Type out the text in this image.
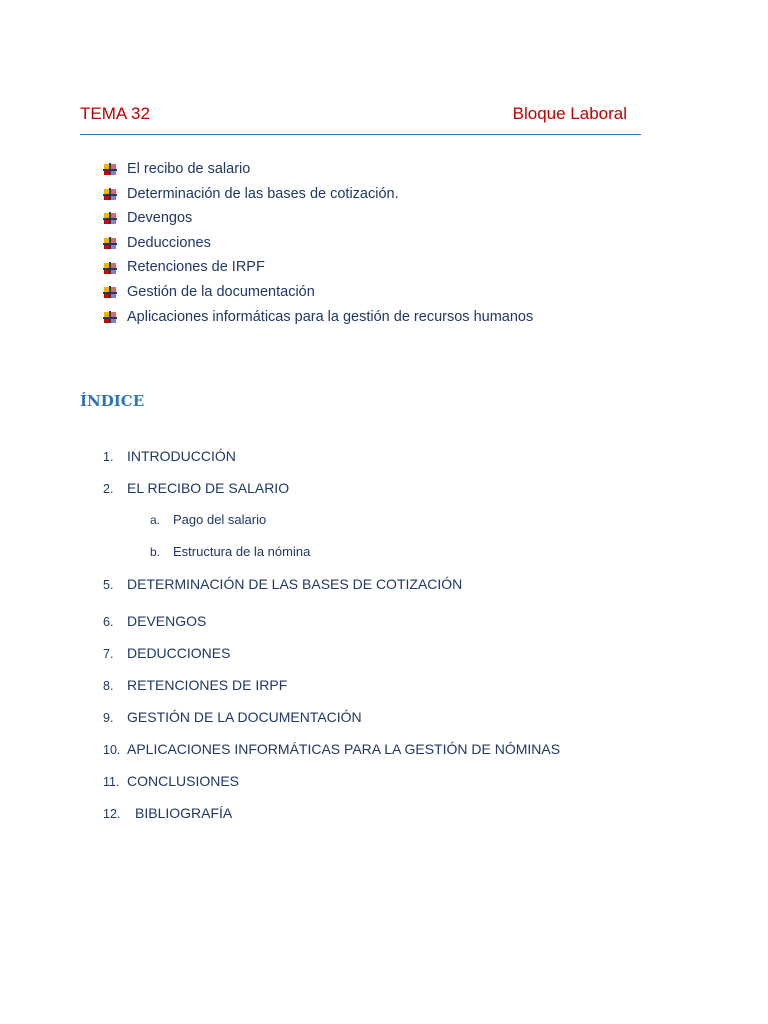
TEMA 32	Bloque Laboral
El recibo de salario
Determinación de las bases de cotización.
Devengos
Deducciones
Retenciones de IRPF
Gestión de la documentación
Aplicaciones informáticas para la gestión de recursos humanos
ÍNDICE
1. INTRODUCCIÓN
2. EL RECIBO DE SALARIO
a. Pago del salario
b. Estructura de la nómina
5. DETERMINACIÓN DE LAS BASES DE COTIZACIÓN
6. DEVENGOS
7. DEDUCCIONES
8. RETENCIONES DE IRPF
9. GESTIÓN DE LA DOCUMENTACIÓN
10. APLICACIONES INFORMÁTICAS PARA LA GESTIÓN DE NÓMINAS
11. CONCLUSIONES
12. BIBLIOGRAFÍA
